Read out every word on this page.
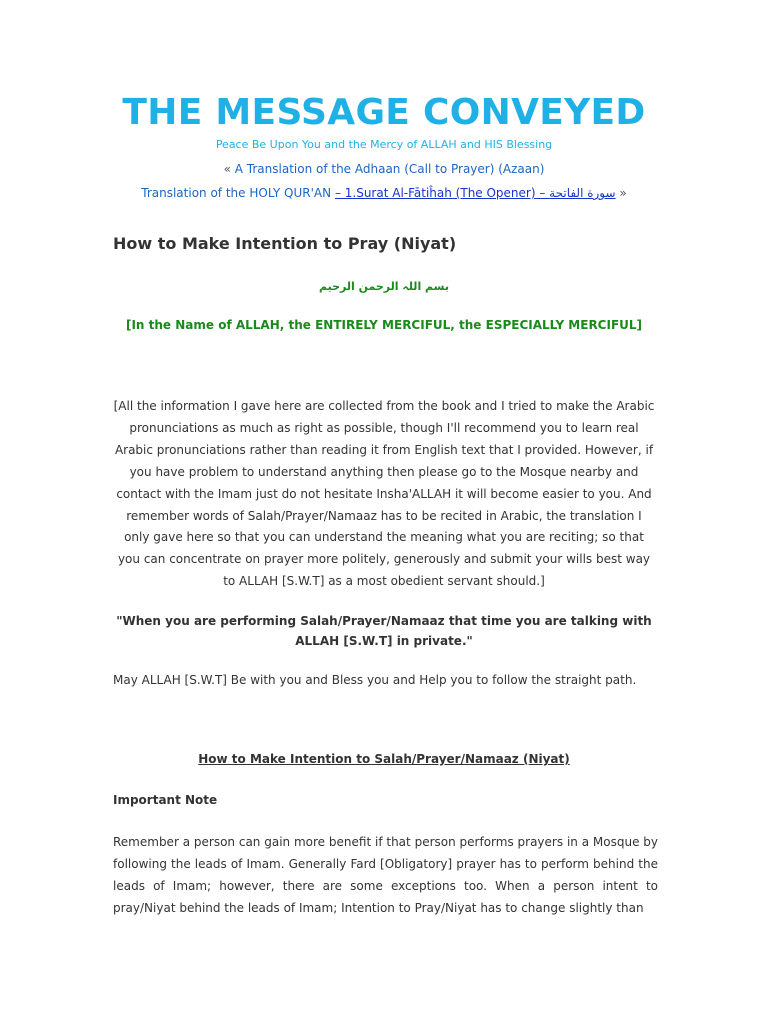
THE MESSAGE CONVEYED
Peace Be Upon You and the Mercy of ALLAH and HIS Blessing
« A Translation of the Adhaan (Call to Prayer) (Azaan)
Translation of the HOLY QUR'AN – 1.Surat Al-Fātiĥah (The Opener) – سورة الفاتحة »
How to Make Intention to Pray (Niyat)
بسم اللہ الرحمن الرحيم
[In the Name of ALLAH, the ENTIRELY MERCIFUL, the ESPECIALLY MERCIFUL]
[All the information I gave here are collected from the book and I tried to make the Arabic pronunciations as much as right as possible, though I'll recommend you to learn real Arabic pronunciations rather than reading it from English text that I provided. However, if you have problem to understand anything then please go to the Mosque nearby and contact with the Imam just do not hesitate Insha'ALLAH it will become easier to you. And remember words of Salah/Prayer/Namaaz has to be recited in Arabic, the translation I only gave here so that you can understand the meaning what you are reciting; so that you can concentrate on prayer more politely, generously and submit your wills best way to ALLAH [S.W.T] as a most obedient servant should.]
"When you are performing Salah/Prayer/Namaaz that time you are talking with ALLAH [S.W.T] in private."
May ALLAH [S.W.T] Be with you and Bless you and Help you to follow the straight path.
How to Make Intention to Salah/Prayer/Namaaz (Niyat)
Important Note
Remember a person can gain more benefit if that person performs prayers in a Mosque by following the leads of Imam. Generally Fard [Obligatory] prayer has to perform behind the leads of Imam; however, there are some exceptions too. When a person intent to pray/Niyat behind the leads of Imam; Intention to Pray/Niyat has to change slightly than
